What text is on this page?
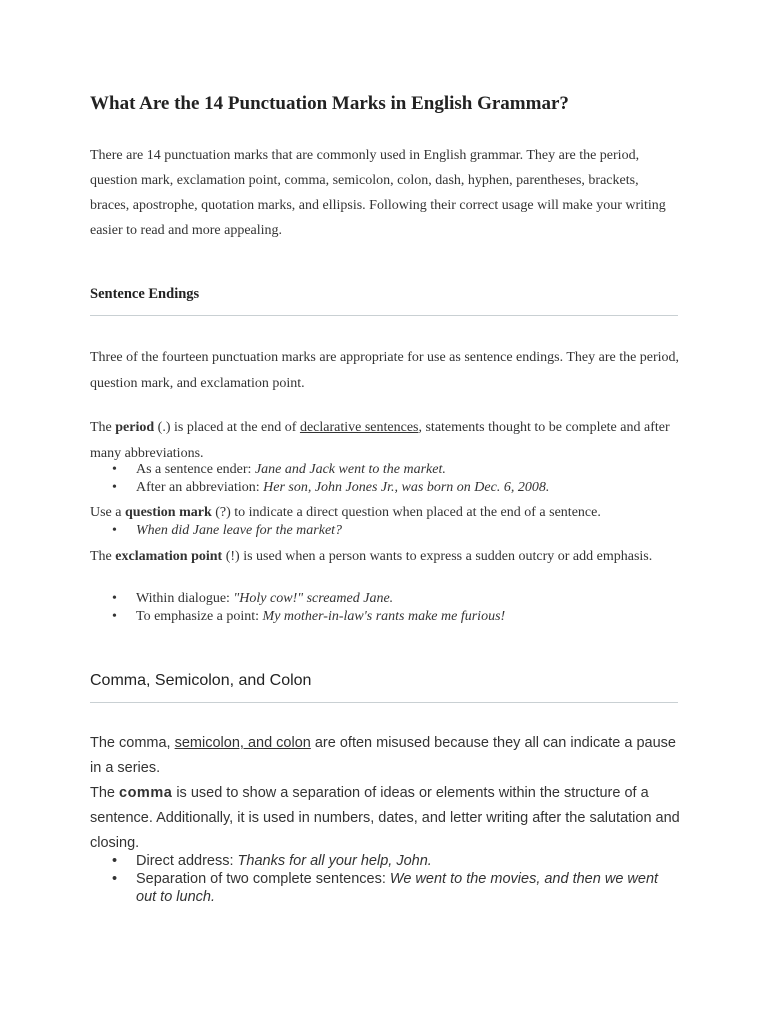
What Are the 14 Punctuation Marks in English Grammar?

There are 14 punctuation marks that are commonly used in English grammar. They are the period, question mark, exclamation point, comma, semicolon, colon, dash, hyphen, parentheses, brackets, braces, apostrophe, quotation marks, and ellipsis. Following their correct usage will make your writing easier to read and more appealing.

Sentence Endings

Three of the fourteen punctuation marks are appropriate for use as sentence endings. They are the period, question mark, and exclamation point.

The period (.) is placed at the end of declarative sentences, statements thought to be complete and after many abbreviations.

• As a sentence ender: Jane and Jack went to the market.
• After an abbreviation: Her son, John Jones Jr., was born on Dec. 6, 2008.

Use a question mark (?) to indicate a direct question when placed at the end of a sentence.

• When did Jane leave for the market?

The exclamation point (!) is used when a person wants to express a sudden outcry or add emphasis.

• Within dialogue: "Holy cow!" screamed Jane.
• To emphasize a point: My mother-in-law's rants make me furious!
Comma, Semicolon, and Colon

The comma, semicolon, and colon are often misused because they all can indicate a pause in a series.

The comma is used to show a separation of ideas or elements within the structure of a sentence. Additionally, it is used in numbers, dates, and letter writing after the salutation and closing.

• Direct address: Thanks for all your help, John.
• Separation of two complete sentences: We went to the movies, and then we went out to lunch.
